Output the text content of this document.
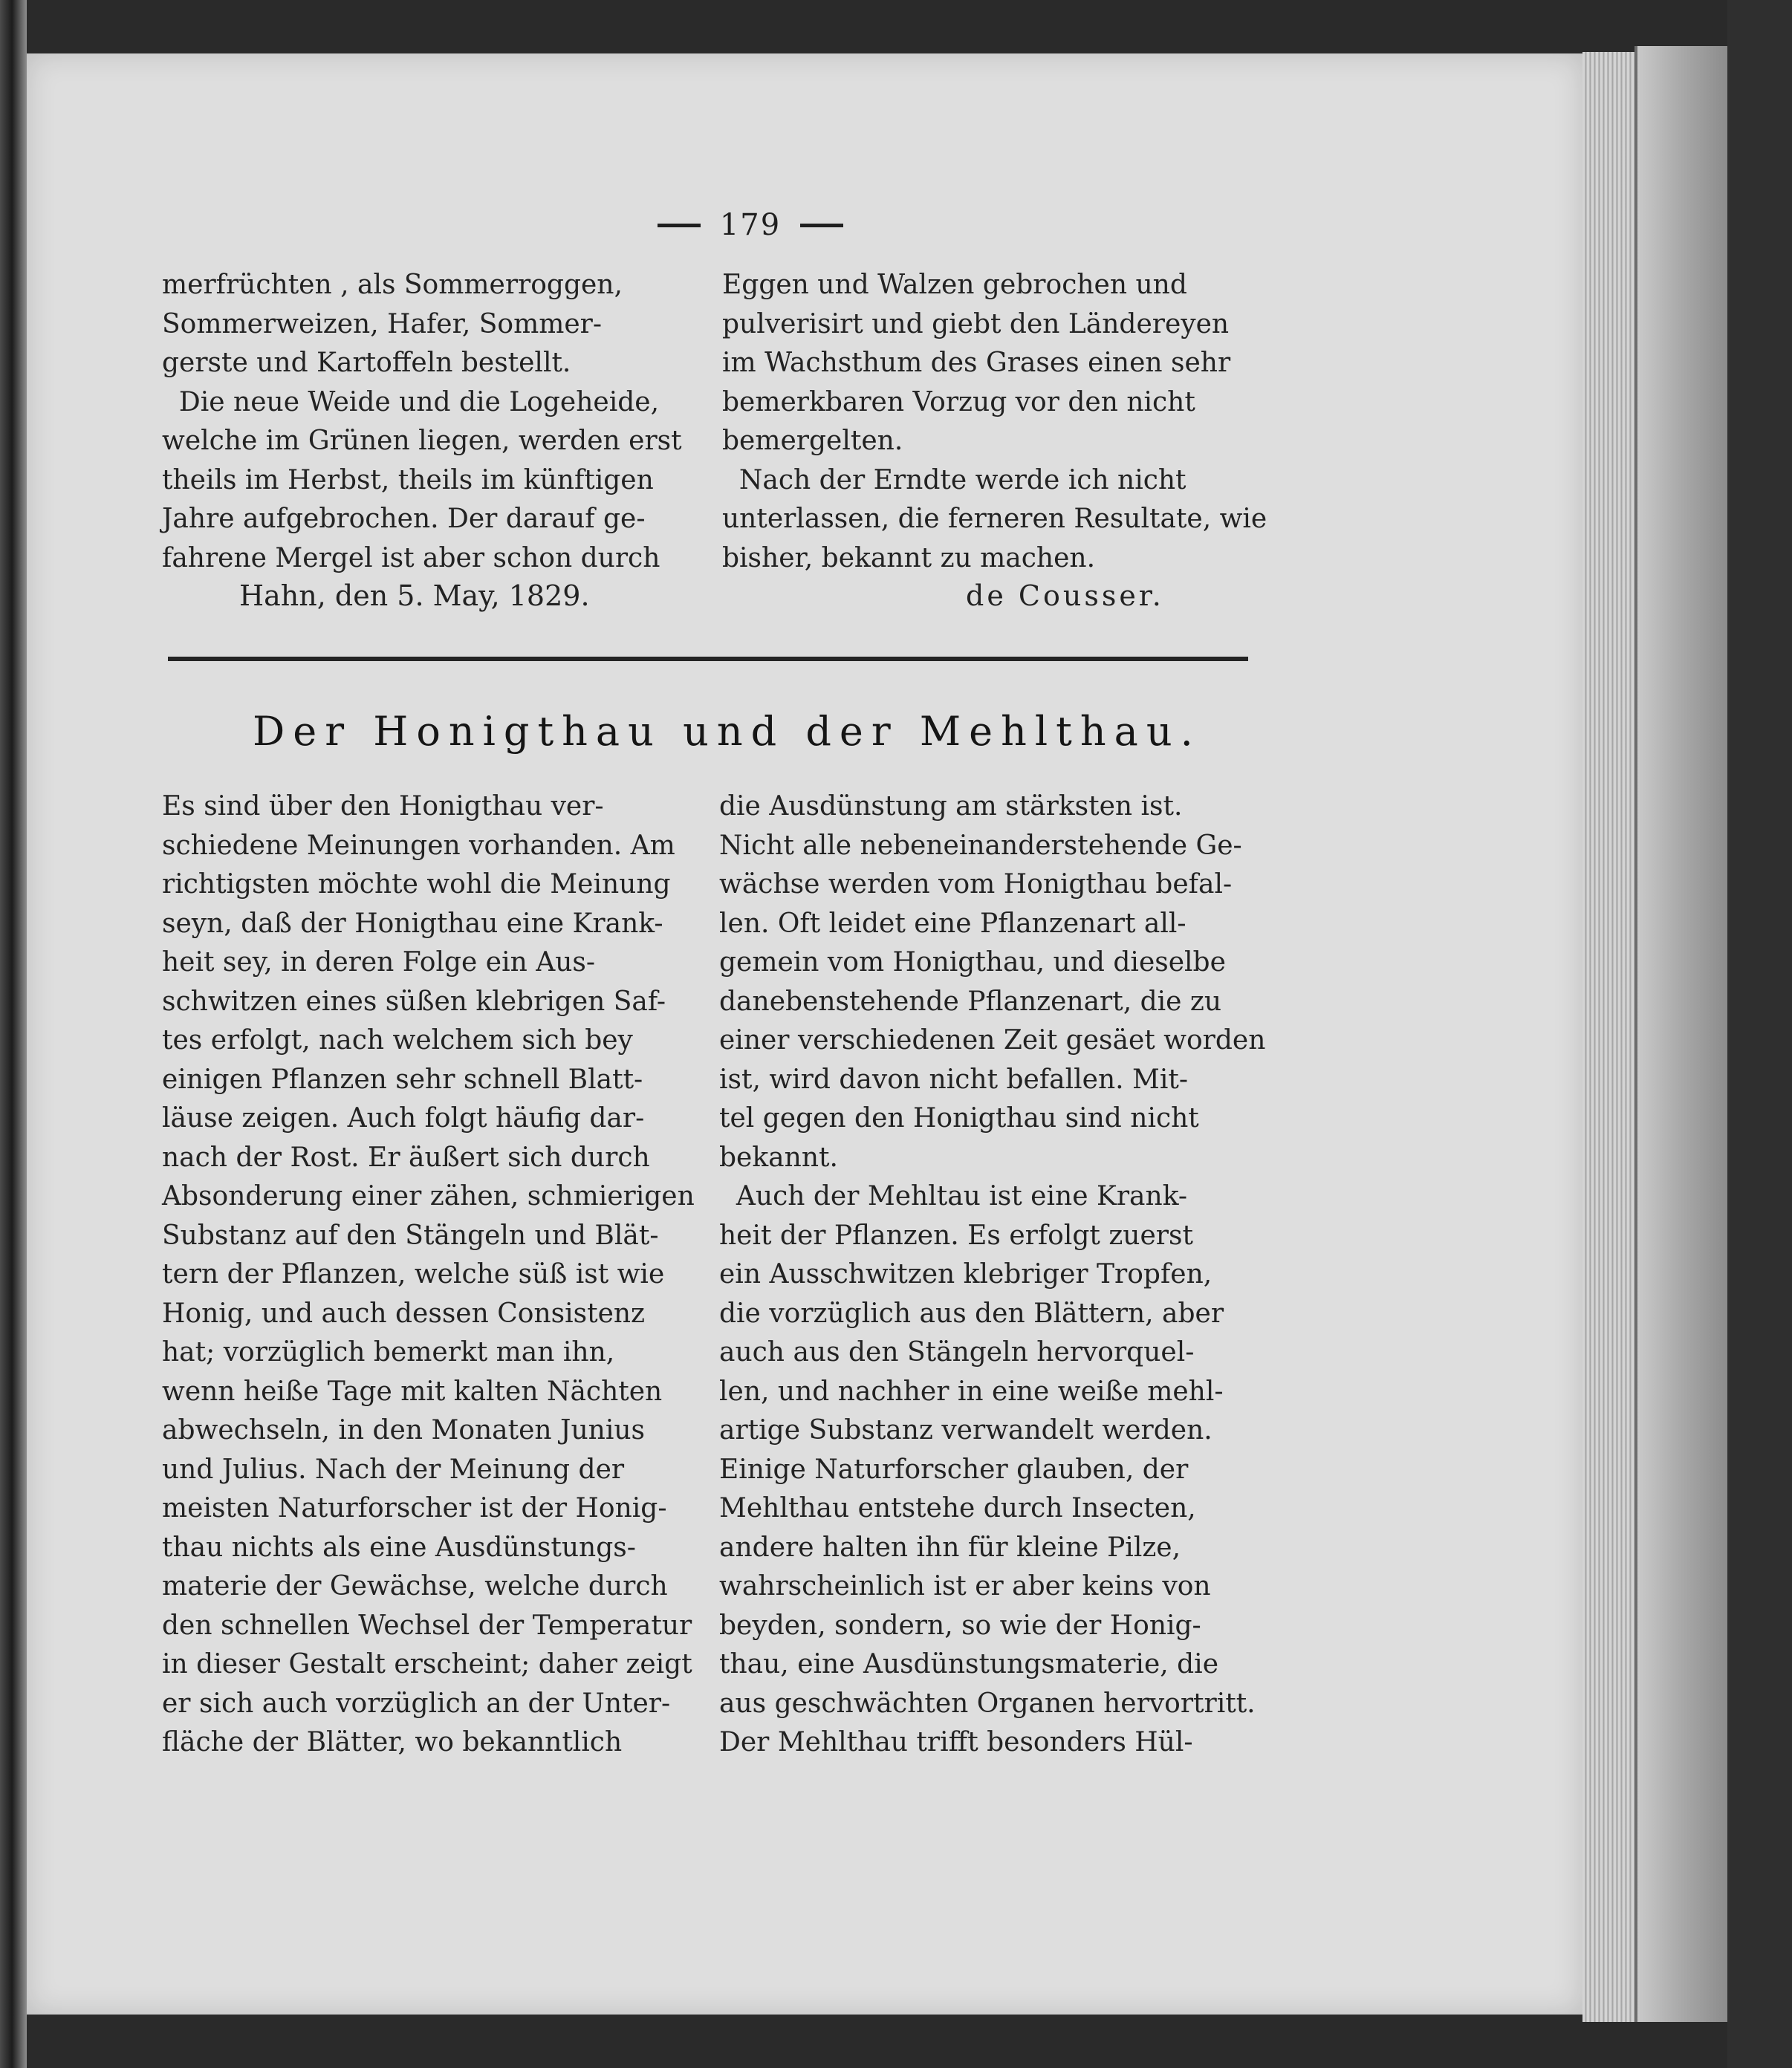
179

merfrüchten , als Sommerroggen,

Sommerweizen, Hafer, Sommer-

gerste und Kartoffeln bestellt.

Die neue Weide und die Logeheide,

welche im Grünen liegen, werden erst

theils im Herbst, theils im künftigen

Jahre aufgebrochen. Der darauf ge-

fahrene Mergel ist aber schon durch

Eggen und Walzen gebrochen und

pulverisirt und giebt den Ländereyen

im Wachsthum des Grases einen sehr

bemerkbaren Vorzug vor den nicht

bemergelten.

Nach der Erndte werde ich nicht

unterlassen, die ferneren Resultate, wie

bisher, bekannt zu machen.

Hahn, den 5. May, 1829.	de Cousser.
Der Honigthau und der Mehlthau.

Es sind über den Honigthau ver-

schiedene Meinungen vorhanden. Am

richtigsten möchte wohl die Meinung

seyn, daß der Honigthau eine Krank-

heit sey, in deren Folge ein Aus-

schwitzen eines süßen klebrigen Saf-

tes erfolgt, nach welchem sich bey

einigen Pflanzen sehr schnell Blatt-

läuse zeigen. Auch folgt häufig dar-

nach der Rost. Er äußert sich durch

Absonderung einer zähen, schmierigen

Substanz auf den Stängeln und Blät-

tern der Pflanzen, welche süß ist wie

Honig, und auch dessen Consistenz

hat; vorzüglich bemerkt man ihn,

wenn heiße Tage mit kalten Nächten

abwechseln, in den Monaten Junius

und Julius. Nach der Meinung der

meisten Naturforscher ist der Honig-

thau nichts als eine Ausdünstungs-

materie der Gewächse, welche durch

den schnellen Wechsel der Temperatur

in dieser Gestalt erscheint; daher zeigt

er sich auch vorzüglich an der Unter-

fläche der Blätter, wo bekanntlich

die Ausdünstung am stärksten ist.

Nicht alle nebeneinanderstehende Ge-

wächse werden vom Honigthau befal-

len. Oft leidet eine Pflanzenart all-

gemein vom Honigthau, und dieselbe

danebenstehende Pflanzenart, die zu

einer verschiedenen Zeit gesäet worden

ist, wird davon nicht befallen. Mit-

tel gegen den Honigthau sind nicht

bekannt.

Auch der Mehltau ist eine Krank-

heit der Pflanzen. Es erfolgt zuerst

ein Ausschwitzen klebriger Tropfen,

die vorzüglich aus den Blättern, aber

auch aus den Stängeln hervorquel-

len, und nachher in eine weiße mehl-

artige Substanz verwandelt werden.

Einige Naturforscher glauben, der

Mehlthau entstehe durch Insecten,

andere halten ihn für kleine Pilze,

wahrscheinlich ist er aber keins von

beyden, sondern, so wie der Honig-

thau, eine Ausdünstungsmaterie, die

aus geschwächten Organen hervortritt.

Der Mehlthau trifft besonders Hül-
